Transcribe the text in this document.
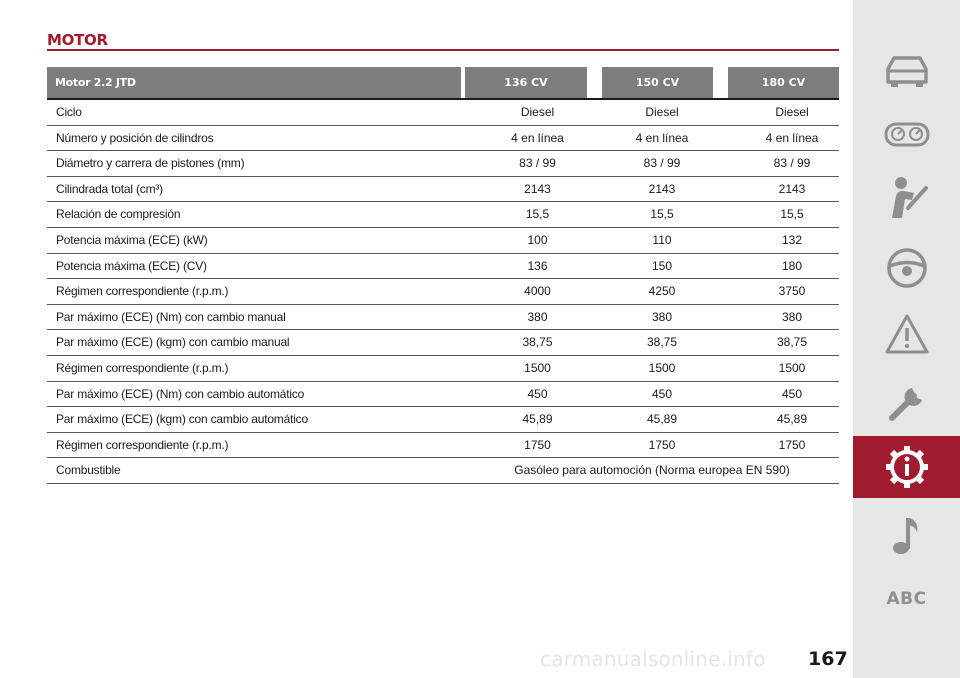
MOTOR
Motor 2.2 JTD	136 CV	150 CV	180 CV
Ciclo	Diesel	Diesel	Diesel
Número y posición de cilindros	4 en línea	4 en línea	4 en línea
Diámetro y carrera de pistones (mm)	83 / 99	83 / 99	83 / 99
Cilindrada total (cm³)	2143	2143	2143
Relación de compresión	15,5	15,5	15,5
Potencia máxima (ECE) (kW)	100	110	132
Potencia máxima (ECE) (CV)	136	150	180
Régimen correspondiente (r.p.m.)	4000	4250	3750
Par máximo (ECE) (Nm) con cambio manual	380	380	380
Par máximo (ECE) (kgm) con cambio manual	38,75	38,75	38,75
Régimen correspondiente (r.p.m.)	1500	1500	1500
Par máximo (ECE) (Nm) con cambio automático	450	450	450
Par máximo (ECE) (kgm) con cambio automático	45,89	45,89	45,89
Régimen correspondiente (r.p.m.)	1750	1750	1750
Combustible	Gasóleo para automoción (Norma europea EN 590)
ABC
carmanualsonline.info 167
